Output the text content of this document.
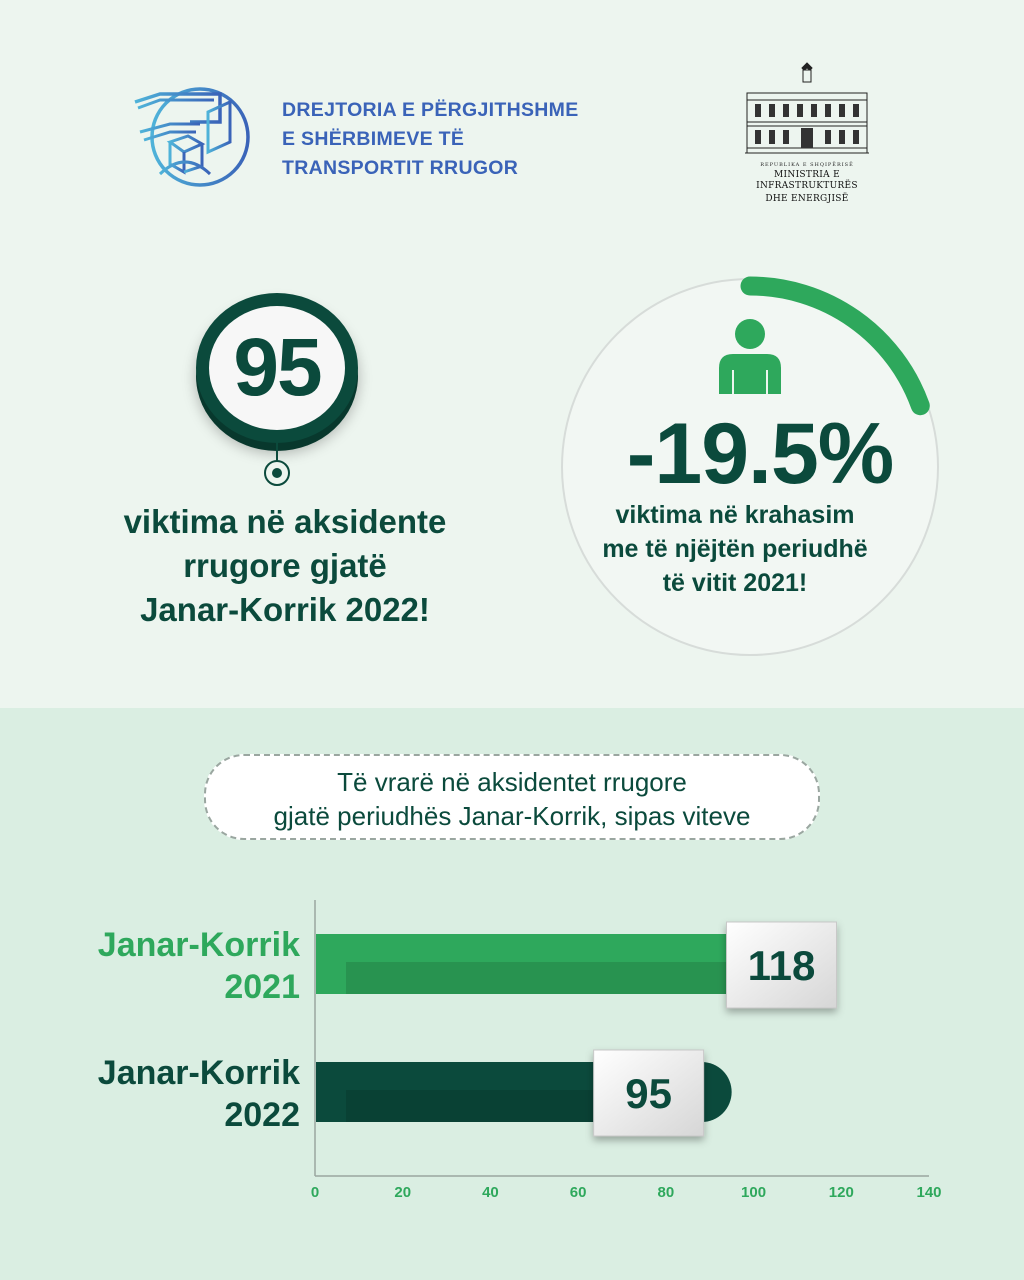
DREJTORIA E PËRGJITHSHME
E SHËRBIMEVE TË
TRANSPORTIT RRUGOR	REPUBLIKA E SHQIPËRISË
MINISTRIA E INFRASTRUKTURËS
DHE ENERGJISË
95
viktima në aksidente
rrugore gjatë
Janar-Korrik 2022!
-19.5%
viktima në krahasim
me të njëjtën periudhë
të vitit 2021!
Të vrarë në aksidentet rrugore
gjatë periudhës Janar-Korrik, sipas viteve
0	20	40	60	80	100	120	140
118
Janar-Korrik
2021
95
Janar-Korrik
2022
